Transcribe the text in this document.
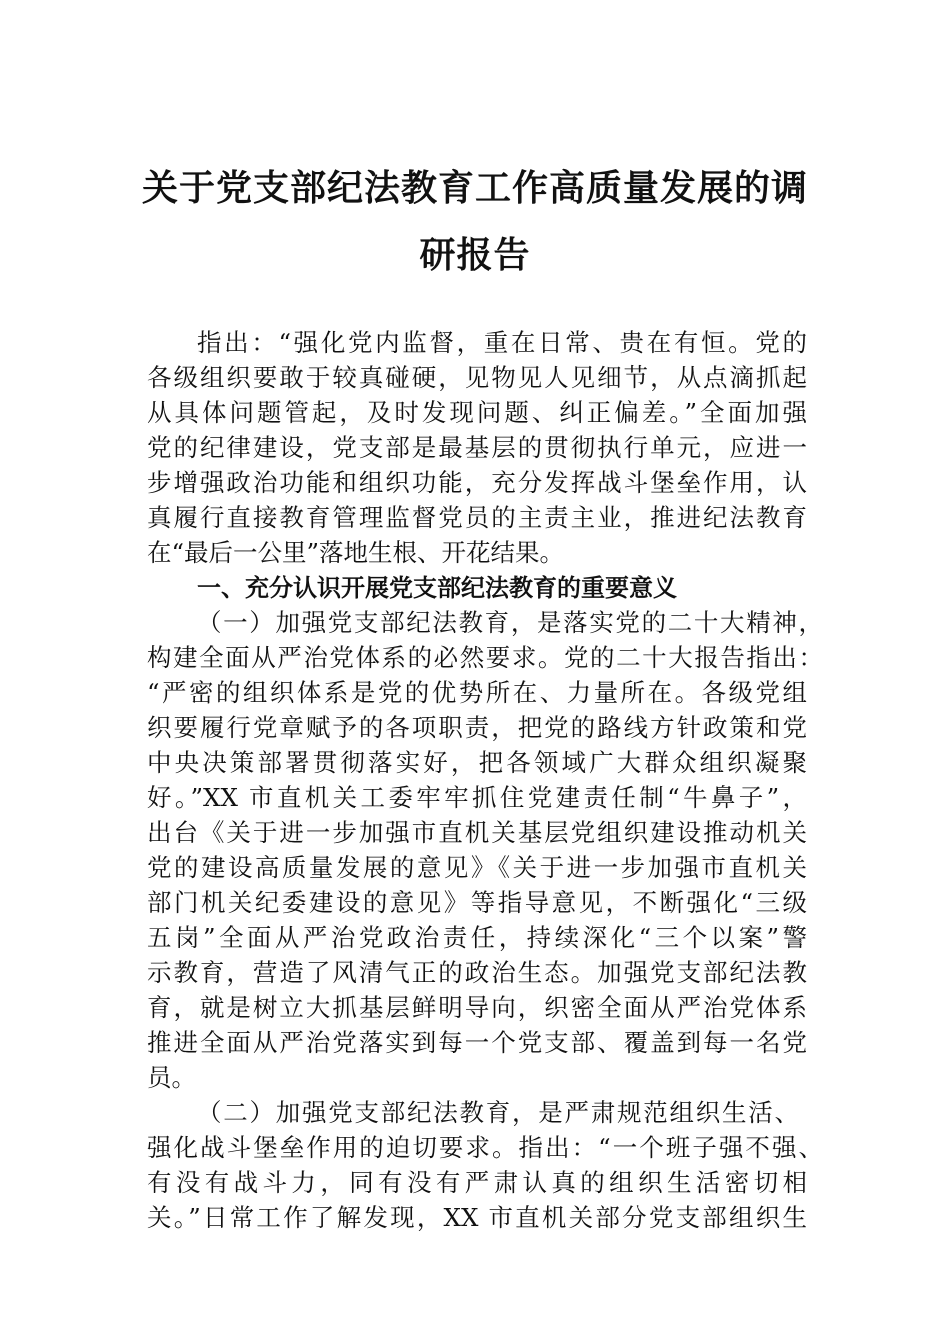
关于党支部纪法教育工作高质量发展的调
研报告
指出：“强化党内监督，重在日常、贵在有恒。党的
各级组织要敢于较真碰硬，见物见人见细节，从点滴抓起
从具体问题管起，及时发现问题、纠正偏差。”全面加强
党的纪律建设，党支部是最基层的贯彻执行单元，应进一
步增强政治功能和组织功能，充分发挥战斗堡垒作用，认
真履行直接教育管理监督党员的主责主业，推进纪法教育
在“最后一公里”落地生根、开花结果。
一、充分认识开展党支部纪法教育的重要意义
（一）加强党支部纪法教育，是落实党的二十大精神，
构建全面从严治党体系的必然要求。党的二十大报告指出：
“严密的组织体系是党的优势所在、力量所在。各级党组
织要履行党章赋予的各项职责，把党的路线方针政策和党
中央决策部署贯彻落实好，把各领域广大群众组织凝聚
好。”XX 市直机关工委牢牢抓住党建责任制“牛鼻子”，
出台《关于进一步加强市直机关基层党组织建设推动机关
党的建设高质量发展的意见》《关于进一步加强市直机关
部门机关纪委建设的意见》等指导意见，不断强化“三级
五岗”全面从严治党政治责任，持续深化“三个以案”警
示教育，营造了风清气正的政治生态。加强党支部纪法教
育，就是树立大抓基层鲜明导向，织密全面从严治党体系
推进全面从严治党落实到每一个党支部、覆盖到每一名党
员。
（二）加强党支部纪法教育，是严肃规范组织生活、
强化战斗堡垒作用的迫切要求。指出：“一个班子强不强、
有没有战斗力，同有没有严肃认真的组织生活密切相
关。”日常工作了解发现，XX 市直机关部分党支部组织生
